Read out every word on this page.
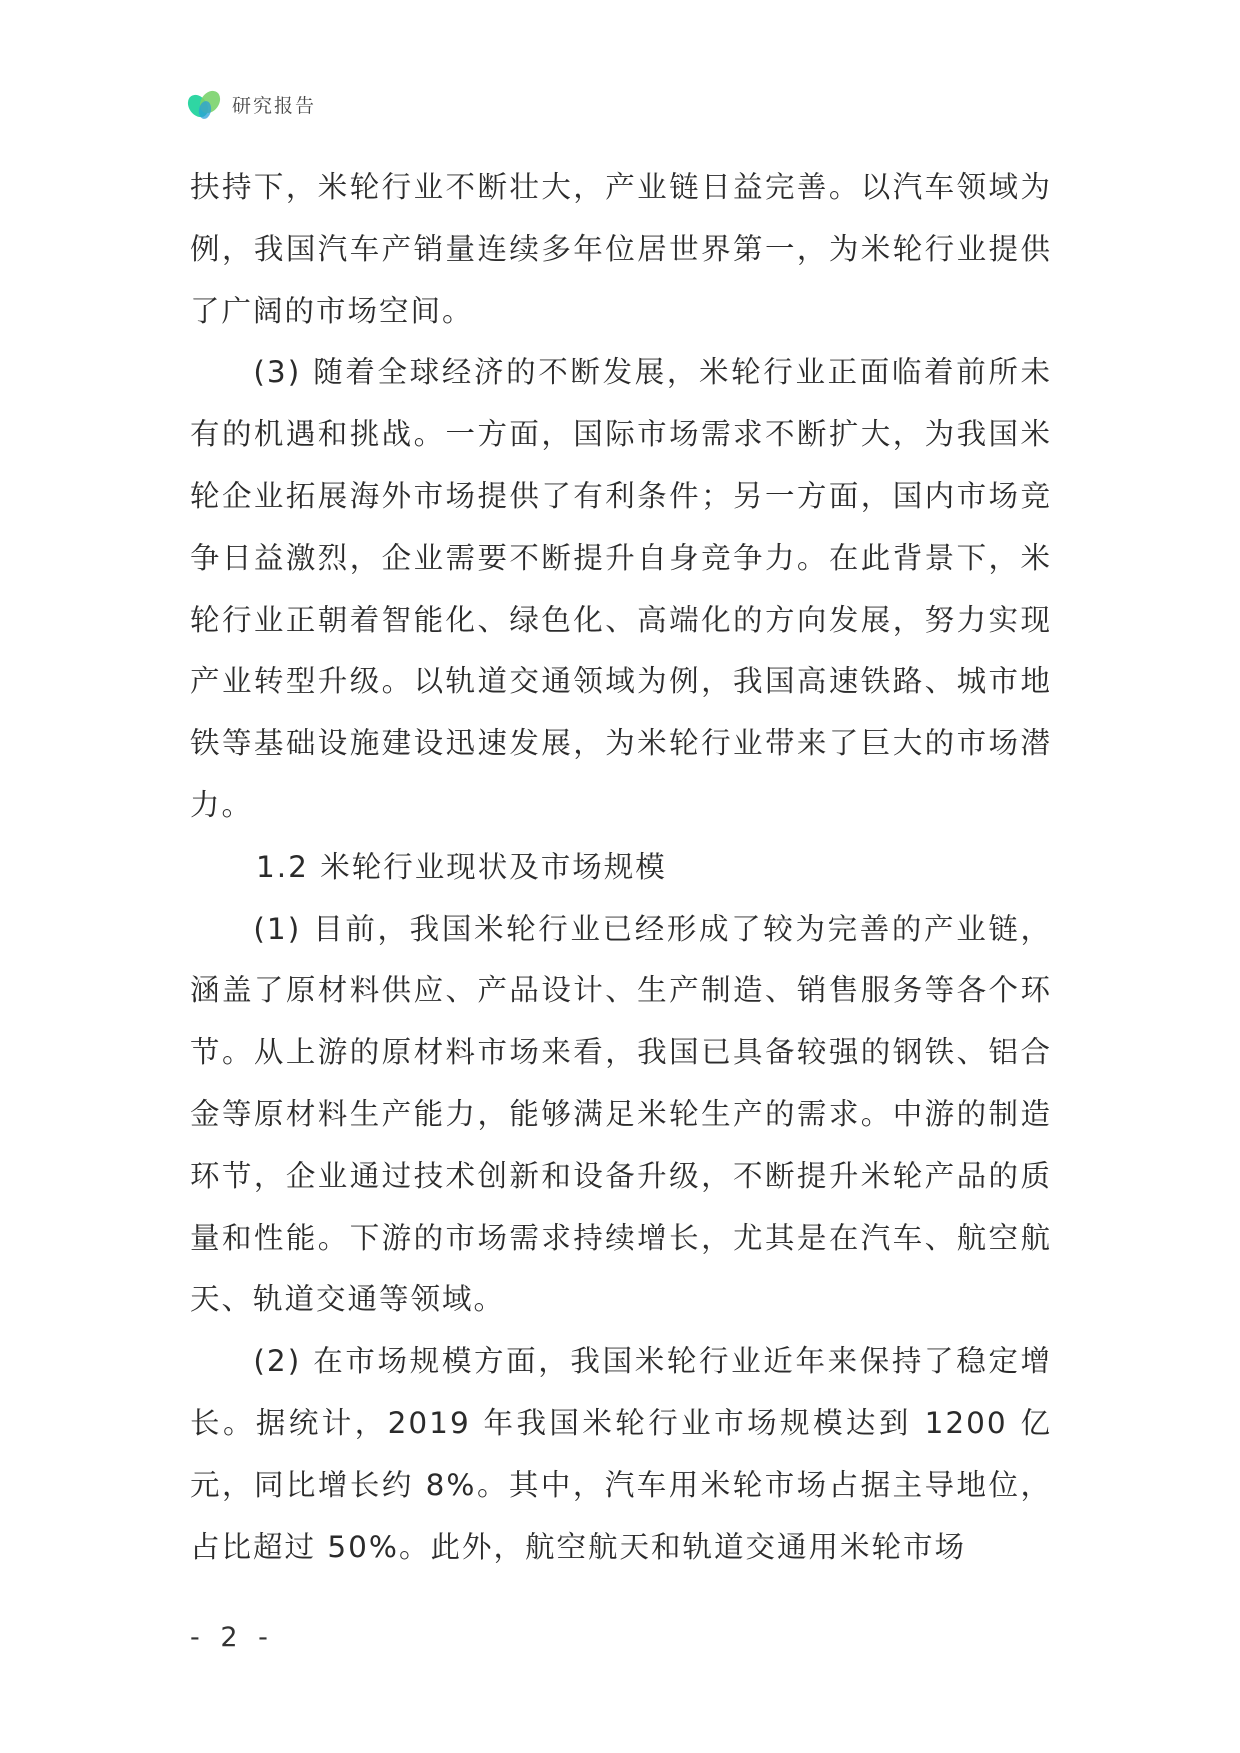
研究报告

扶持下，米轮行业不断壮大，产业链日益完善。以汽车领域为例，我国汽车产销量连续多年位居世界第一，为米轮行业提供了广阔的市场空间。

(3) 随着全球经济的不断发展，米轮行业正面临着前所未有的机遇和挑战。一方面，国际市场需求不断扩大，为我国米轮企业拓展海外市场提供了有利条件；另一方面，国内市场竞争日益激烈，企业需要不断提升自身竞争力。在此背景下，米轮行业正朝着智能化、绿色化、高端化的方向发展，努力实现产业转型升级。以轨道交通领域为例，我国高速铁路、城市地铁等基础设施建设迅速发展，为米轮行业带来了巨大的市场潜力。

1.2 米轮行业现状及市场规模

(1) 目前，我国米轮行业已经形成了较为完善的产业链，涵盖了原材料供应、产品设计、生产制造、销售服务等各个环节。从上游的原材料市场来看，我国已具备较强的钢铁、铝合金等原材料生产能力，能够满足米轮生产的需求。中游的制造环节，企业通过技术创新和设备升级，不断提升米轮产品的质量和性能。下游的市场需求持续增长，尤其是在汽车、航空航天、轨道交通等领域。

(2) 在市场规模方面，我国米轮行业近年来保持了稳定增长。据统计，2019 年我国米轮行业市场规模达到 1200 亿元，同比增长约 8%。其中，汽车用米轮市场占据主导地位，占比超过 50%。此外，航空航天和轨道交通用米轮市场

- 2 -
